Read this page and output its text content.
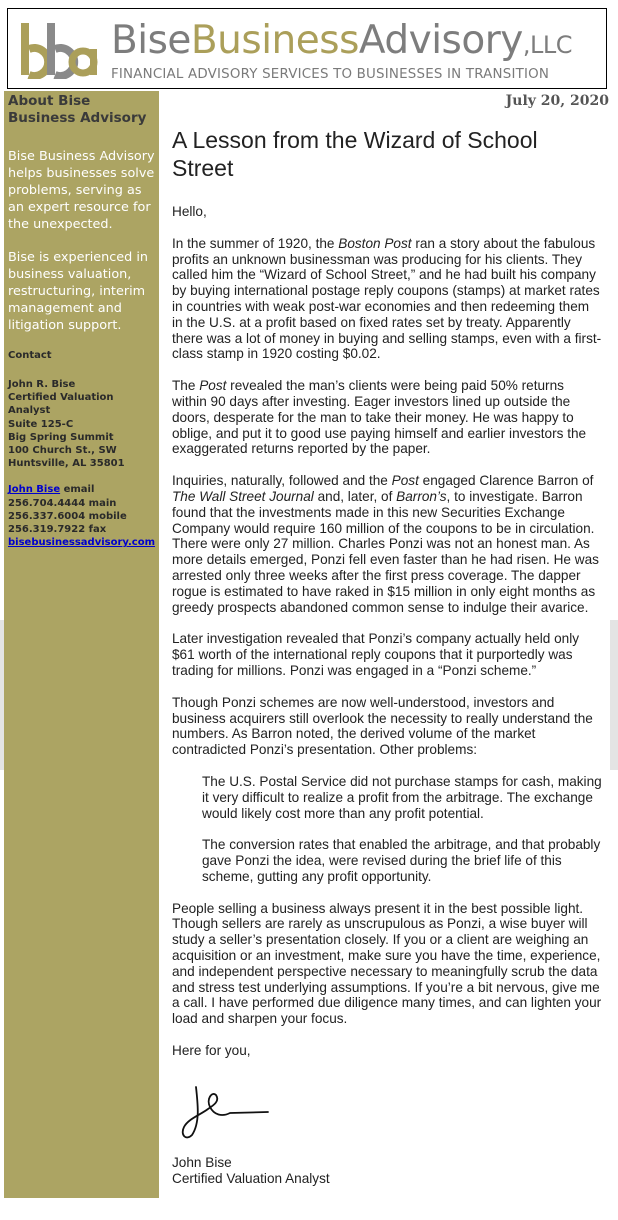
BiseBusinessAdvisory,LLC
FINANCIAL ADVISORY SERVICES TO BUSINESSES IN TRANSITION
About Bise Business Advisory

Bise Business Advisory helps businesses solve problems, serving as an expert resource for the unexpected.

Bise is experienced in business valuation, restructuring, interim management and litigation support.

Contact
John R. Bise
Certified Valuation
Analyst
Suite 125-C
Big Spring Summit
100 Church St., SW
Huntsville, AL 35801
John Bise email
256.704.4444 main
256.337.6004 mobile
256.319.7922 fax
bisebusinessadvisory.com
July 20, 2020
A Lesson from the Wizard of School Street

Hello,

In the summer of 1920, the Boston Post ran a story about the fabulous profits an unknown businessman was producing for his clients. They called him the “Wizard of School Street,” and he had built his company by buying international postage reply coupons (stamps) at market rates in countries with weak post-war economies and then redeeming them in the U.S. at a profit based on fixed rates set by treaty. Apparently there was a lot of money in buying and selling stamps, even with a first-class stamp in 1920 costing $0.02.

The Post revealed the man’s clients were being paid 50% returns within 90 days after investing. Eager investors lined up outside the doors, desperate for the man to take their money. He was happy to oblige, and put it to good use paying himself and earlier investors the exaggerated returns reported by the paper.

Inquiries, naturally, followed and the Post engaged Clarence Barron of The Wall Street Journal and, later, of Barron’s, to investigate. Barron found that the investments made in this new Securities Exchange Company would require 160 million of the coupons to be in circulation. There were only 27 million. Charles Ponzi was not an honest man. As more details emerged, Ponzi fell even faster than he had risen. He was arrested only three weeks after the first press coverage. The dapper rogue is estimated to have raked in $15 million in only eight months as greedy prospects abandoned common sense to indulge their avarice.

Later investigation revealed that Ponzi’s company actually held only $61 worth of the international reply coupons that it purportedly was trading for millions. Ponzi was engaged in a “Ponzi scheme.”

Though Ponzi schemes are now well-understood, investors and business acquirers still overlook the necessity to really understand the numbers. As Barron noted, the derived volume of the market contradicted Ponzi’s presentation. Other problems:

The U.S. Postal Service did not purchase stamps for cash, making it very difficult to realize a profit from the arbitrage. The exchange would likely cost more than any profit potential.

The conversion rates that enabled the arbitrage, and that probably gave Ponzi the idea, were revised during the brief life of this scheme, gutting any profit opportunity.

People selling a business always present it in the best possible light. Though sellers are rarely as unscrupulous as Ponzi, a wise buyer will study a seller’s presentation closely. If you or a client are weighing an acquisition or an investment, make sure you have the time, experience, and independent perspective necessary to meaningfully scrub the data and stress test underlying assumptions. If you’re a bit nervous, give me a call. I have performed due diligence many times, and can lighten your load and sharpen your focus.

Here for you,

John Bise

Certified Valuation Analyst
